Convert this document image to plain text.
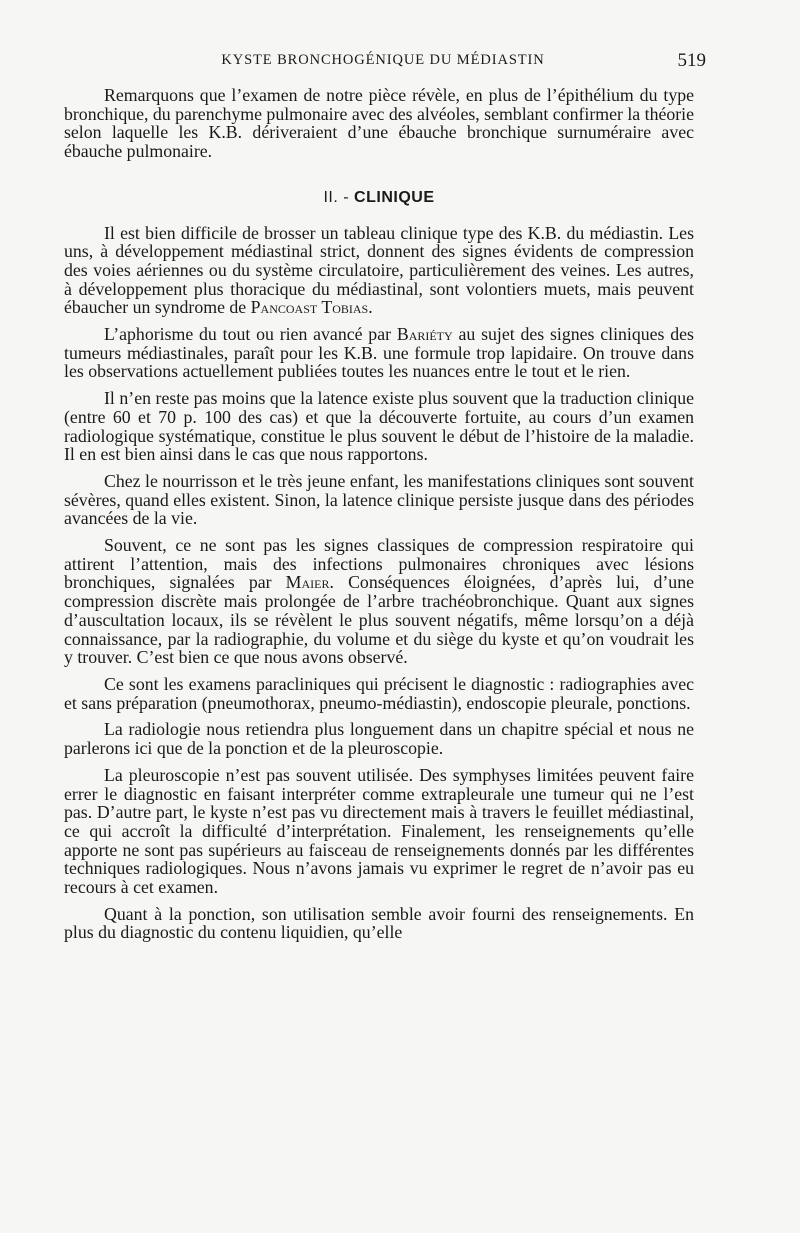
KYSTE BRONCHOGÉNIQUE DU MÉDIASTIN	519

Remarquons que l’examen de notre pièce révèle, en plus de l’épithélium du type bronchique, du parenchyme pulmonaire avec des alvéoles, semblant confirmer la théorie selon laquelle les K.B. dériveraient d’une ébauche bronchique surnuméraire avec ébauche pulmonaire.

II. - CLINIQUE

Il est bien difficile de brosser un tableau clinique type des K.B. du médiastin. Les uns, à développement médiastinal strict, donnent des signes évidents de compression des voies aériennes ou du système circulatoire, particulièrement des veines. Les autres, à développement plus thoracique du médiastinal, sont volontiers muets, mais peuvent ébaucher un syndrome de Pancoast Tobias.

L’aphorisme du tout ou rien avancé par Bariéty au sujet des signes cliniques des tumeurs médiastinales, paraît pour les K.B. une formule trop lapidaire. On trouve dans les observations actuellement publiées toutes les nuances entre le tout et le rien.

Il n’en reste pas moins que la latence existe plus souvent que la traduction clinique (entre 60 et 70 p. 100 des cas) et que la découverte fortuite, au cours d’un examen radiologique systématique, constitue le plus souvent le début de l’histoire de la maladie. Il en est bien ainsi dans le cas que nous rapportons.

Chez le nourrisson et le très jeune enfant, les manifestations cliniques sont souvent sévères, quand elles existent. Sinon, la latence clinique persiste jusque dans des périodes avancées de la vie.

Souvent, ce ne sont pas les signes classiques de compression respiratoire qui attirent l’attention, mais des infections pulmonaires chroniques avec lésions bronchiques, signalées par Maier. Conséquences éloignées, d’après lui, d’une compression discrète mais prolongée de l’arbre trachéobronchique. Quant aux signes d’auscultation locaux, ils se révèlent le plus souvent négatifs, même lorsqu’on a déjà connaissance, par la radiographie, du volume et du siège du kyste et qu’on voudrait les y trouver. C’est bien ce que nous avons observé.

Ce sont les examens paracliniques qui précisent le diagnostic : radiographies avec et sans préparation (pneumothorax, pneumo-médiastin), endoscopie pleurale, ponctions.

La radiologie nous retiendra plus longuement dans un chapitre spécial et nous ne parlerons ici que de la ponction et de la pleuroscopie.

La pleuroscopie n’est pas souvent utilisée. Des symphyses limitées peuvent faire errer le diagnostic en faisant interpréter comme extrapleurale une tumeur qui ne l’est pas. D’autre part, le kyste n’est pas vu directement mais à travers le feuillet médiastinal, ce qui accroît la difficulté d’interprétation. Finalement, les renseignements qu’elle apporte ne sont pas supérieurs au faisceau de renseignements donnés par les différentes techniques radiologiques. Nous n’avons jamais vu exprimer le regret de n’avoir pas eu recours à cet examen.

Quant à la ponction, son utilisation semble avoir fourni des renseignements. En plus du diagnostic du contenu liquidien, qu’elle
